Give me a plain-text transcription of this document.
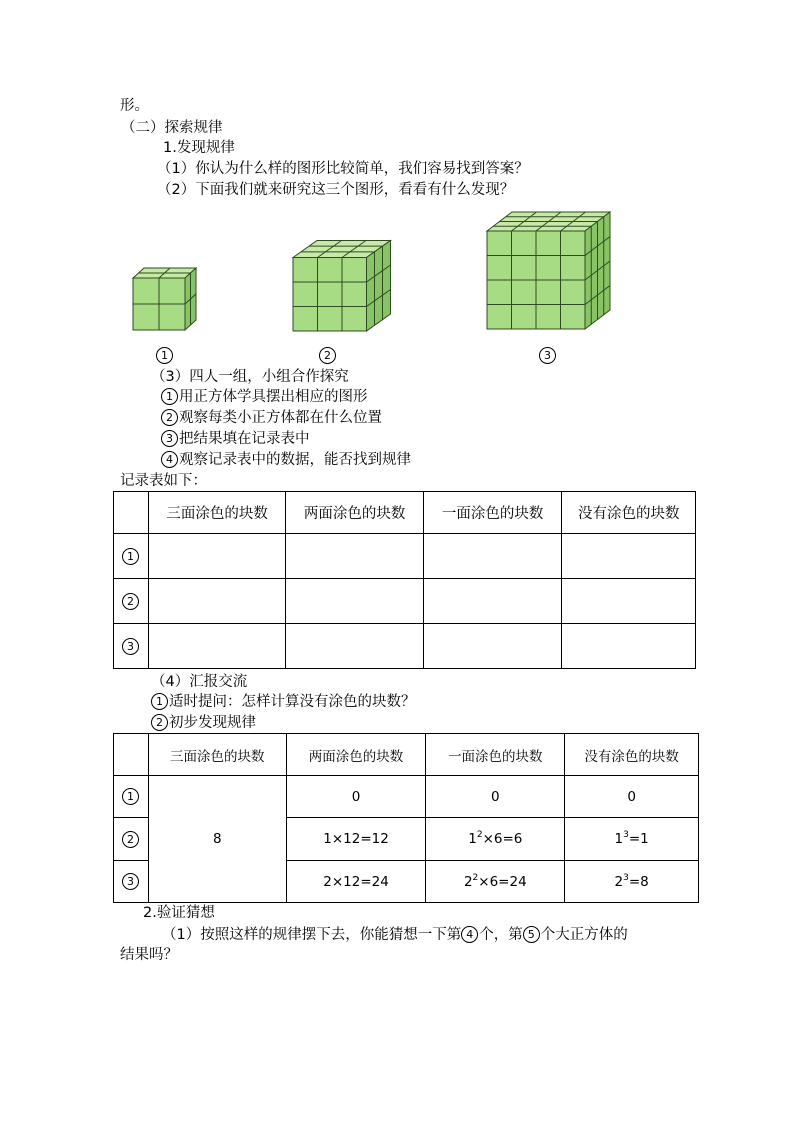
形。
（二）探索规律
1.发现规律
（1）你认为什么样的图形比较简单，我们容易找到答案？
（2）下面我们就来研究这三个图形，看看有什么发现？
1	2	3
（3）四人一组，小组合作探究
1 用正方体学具摆出相应的图形
2 观察每类小正方体都在什么位置
3 把结果填在记录表中
4 观察记录表中的数据，能否找到规律
记录表如下：
	三面涂色的块数	两面涂色的块数	一面涂色的块数	没有涂色的块数
1				
2				
3				
（4）汇报交流
1 适时提问：怎样计算没有涂色的块数？
2 初步发现规律
	三面涂色的块数	两面涂色的块数	一面涂色的块数	没有涂色的块数
1	8	0	0	0
2		1×12=12	$1^2\times 6=6$	$1^3=1$
3		2×12=24	$2^2\times 6=24$	$2^3=8$
2.验证猜想
（1）按照这样的规律摆下去，你能猜想一下第 4 个，第 5 个大正方体的
结果吗？
